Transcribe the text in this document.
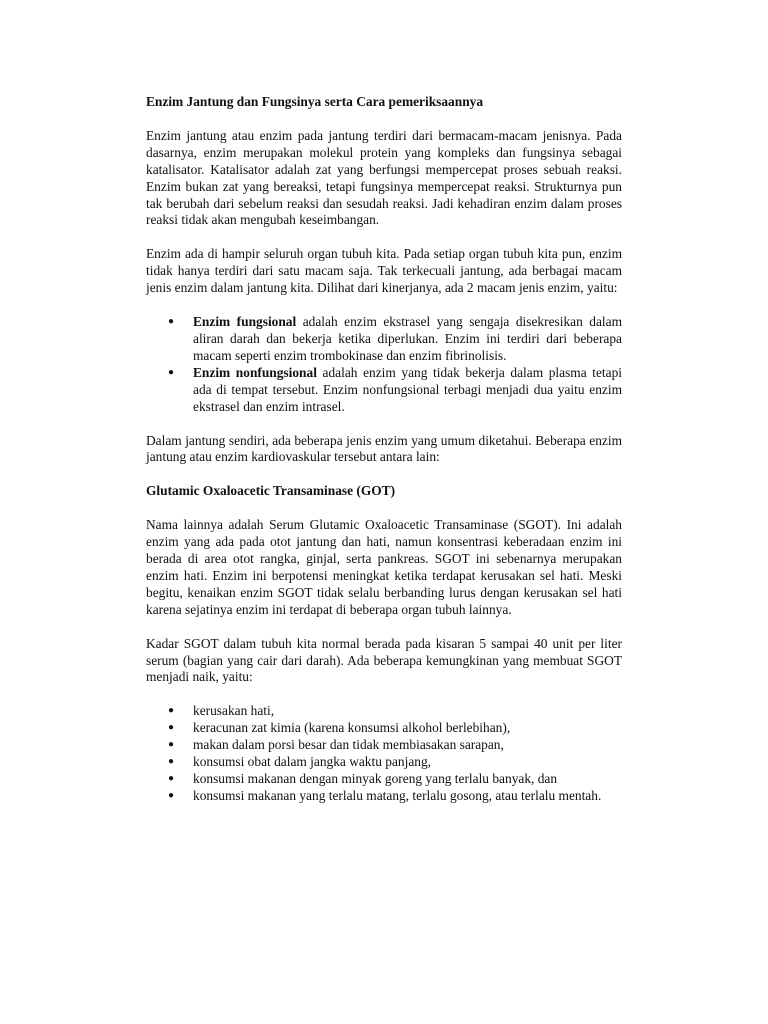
Enzim Jantung dan Fungsinya serta Cara pemeriksaannya

Enzim jantung atau enzim pada jantung terdiri dari bermacam-macam jenisnya. Pada dasarnya, enzim merupakan molekul protein yang kompleks dan fungsinya sebagai katalisator. Katalisator adalah zat yang berfungsi mempercepat proses sebuah reaksi. Enzim bukan zat yang bereaksi, tetapi fungsinya mempercepat reaksi. Strukturnya pun tak berubah dari sebelum reaksi dan sesudah reaksi. Jadi kehadiran enzim dalam proses reaksi tidak akan mengubah keseimbangan.

Enzim ada di hampir seluruh organ tubuh kita. Pada setiap organ tubuh kita pun, enzim tidak hanya terdiri dari satu macam saja. Tak terkecuali jantung, ada berbagai macam jenis enzim dalam jantung kita. Dilihat dari kinerjanya, ada 2 macam jenis enzim, yaitu:

● Enzim fungsional adalah enzim ekstrasel yang sengaja disekresikan dalam aliran darah dan bekerja ketika diperlukan. Enzim ini terdiri dari beberapa macam seperti enzim trombokinase dan enzim fibrinolisis.
● Enzim nonfungsional adalah enzim yang tidak bekerja dalam plasma tetapi ada di tempat tersebut. Enzim nonfungsional terbagi menjadi dua yaitu enzim ekstrasel dan enzim intrasel.

Dalam jantung sendiri, ada beberapa jenis enzim yang umum diketahui. Beberapa enzim jantung atau enzim kardiovaskular tersebut antara lain:

Glutamic Oxaloacetic Transaminase (GOT)

Nama lainnya adalah Serum Glutamic Oxaloacetic Transaminase (SGOT). Ini adalah enzim yang ada pada otot jantung dan hati, namun konsentrasi keberadaan enzim ini berada di area otot rangka, ginjal, serta pankreas. SGOT ini sebenarnya merupakan enzim hati. Enzim ini berpotensi meningkat ketika terdapat kerusakan sel hati. Meski begitu, kenaikan enzim SGOT tidak selalu berbanding lurus dengan kerusakan sel hati karena sejatinya enzim ini terdapat di beberapa organ tubuh lainnya.

Kadar SGOT dalam tubuh kita normal berada pada kisaran 5 sampai 40 unit per liter serum (bagian yang cair dari darah). Ada beberapa kemungkinan yang membuat SGOT menjadi naik, yaitu:

● kerusakan hati,
● keracunan zat kimia (karena konsumsi alkohol berlebihan),
● makan dalam porsi besar dan tidak membiasakan sarapan,
● konsumsi obat dalam jangka waktu panjang,
● konsumsi makanan dengan minyak goreng yang terlalu banyak, dan
● konsumsi makanan yang terlalu matang, terlalu gosong, atau terlalu mentah.
